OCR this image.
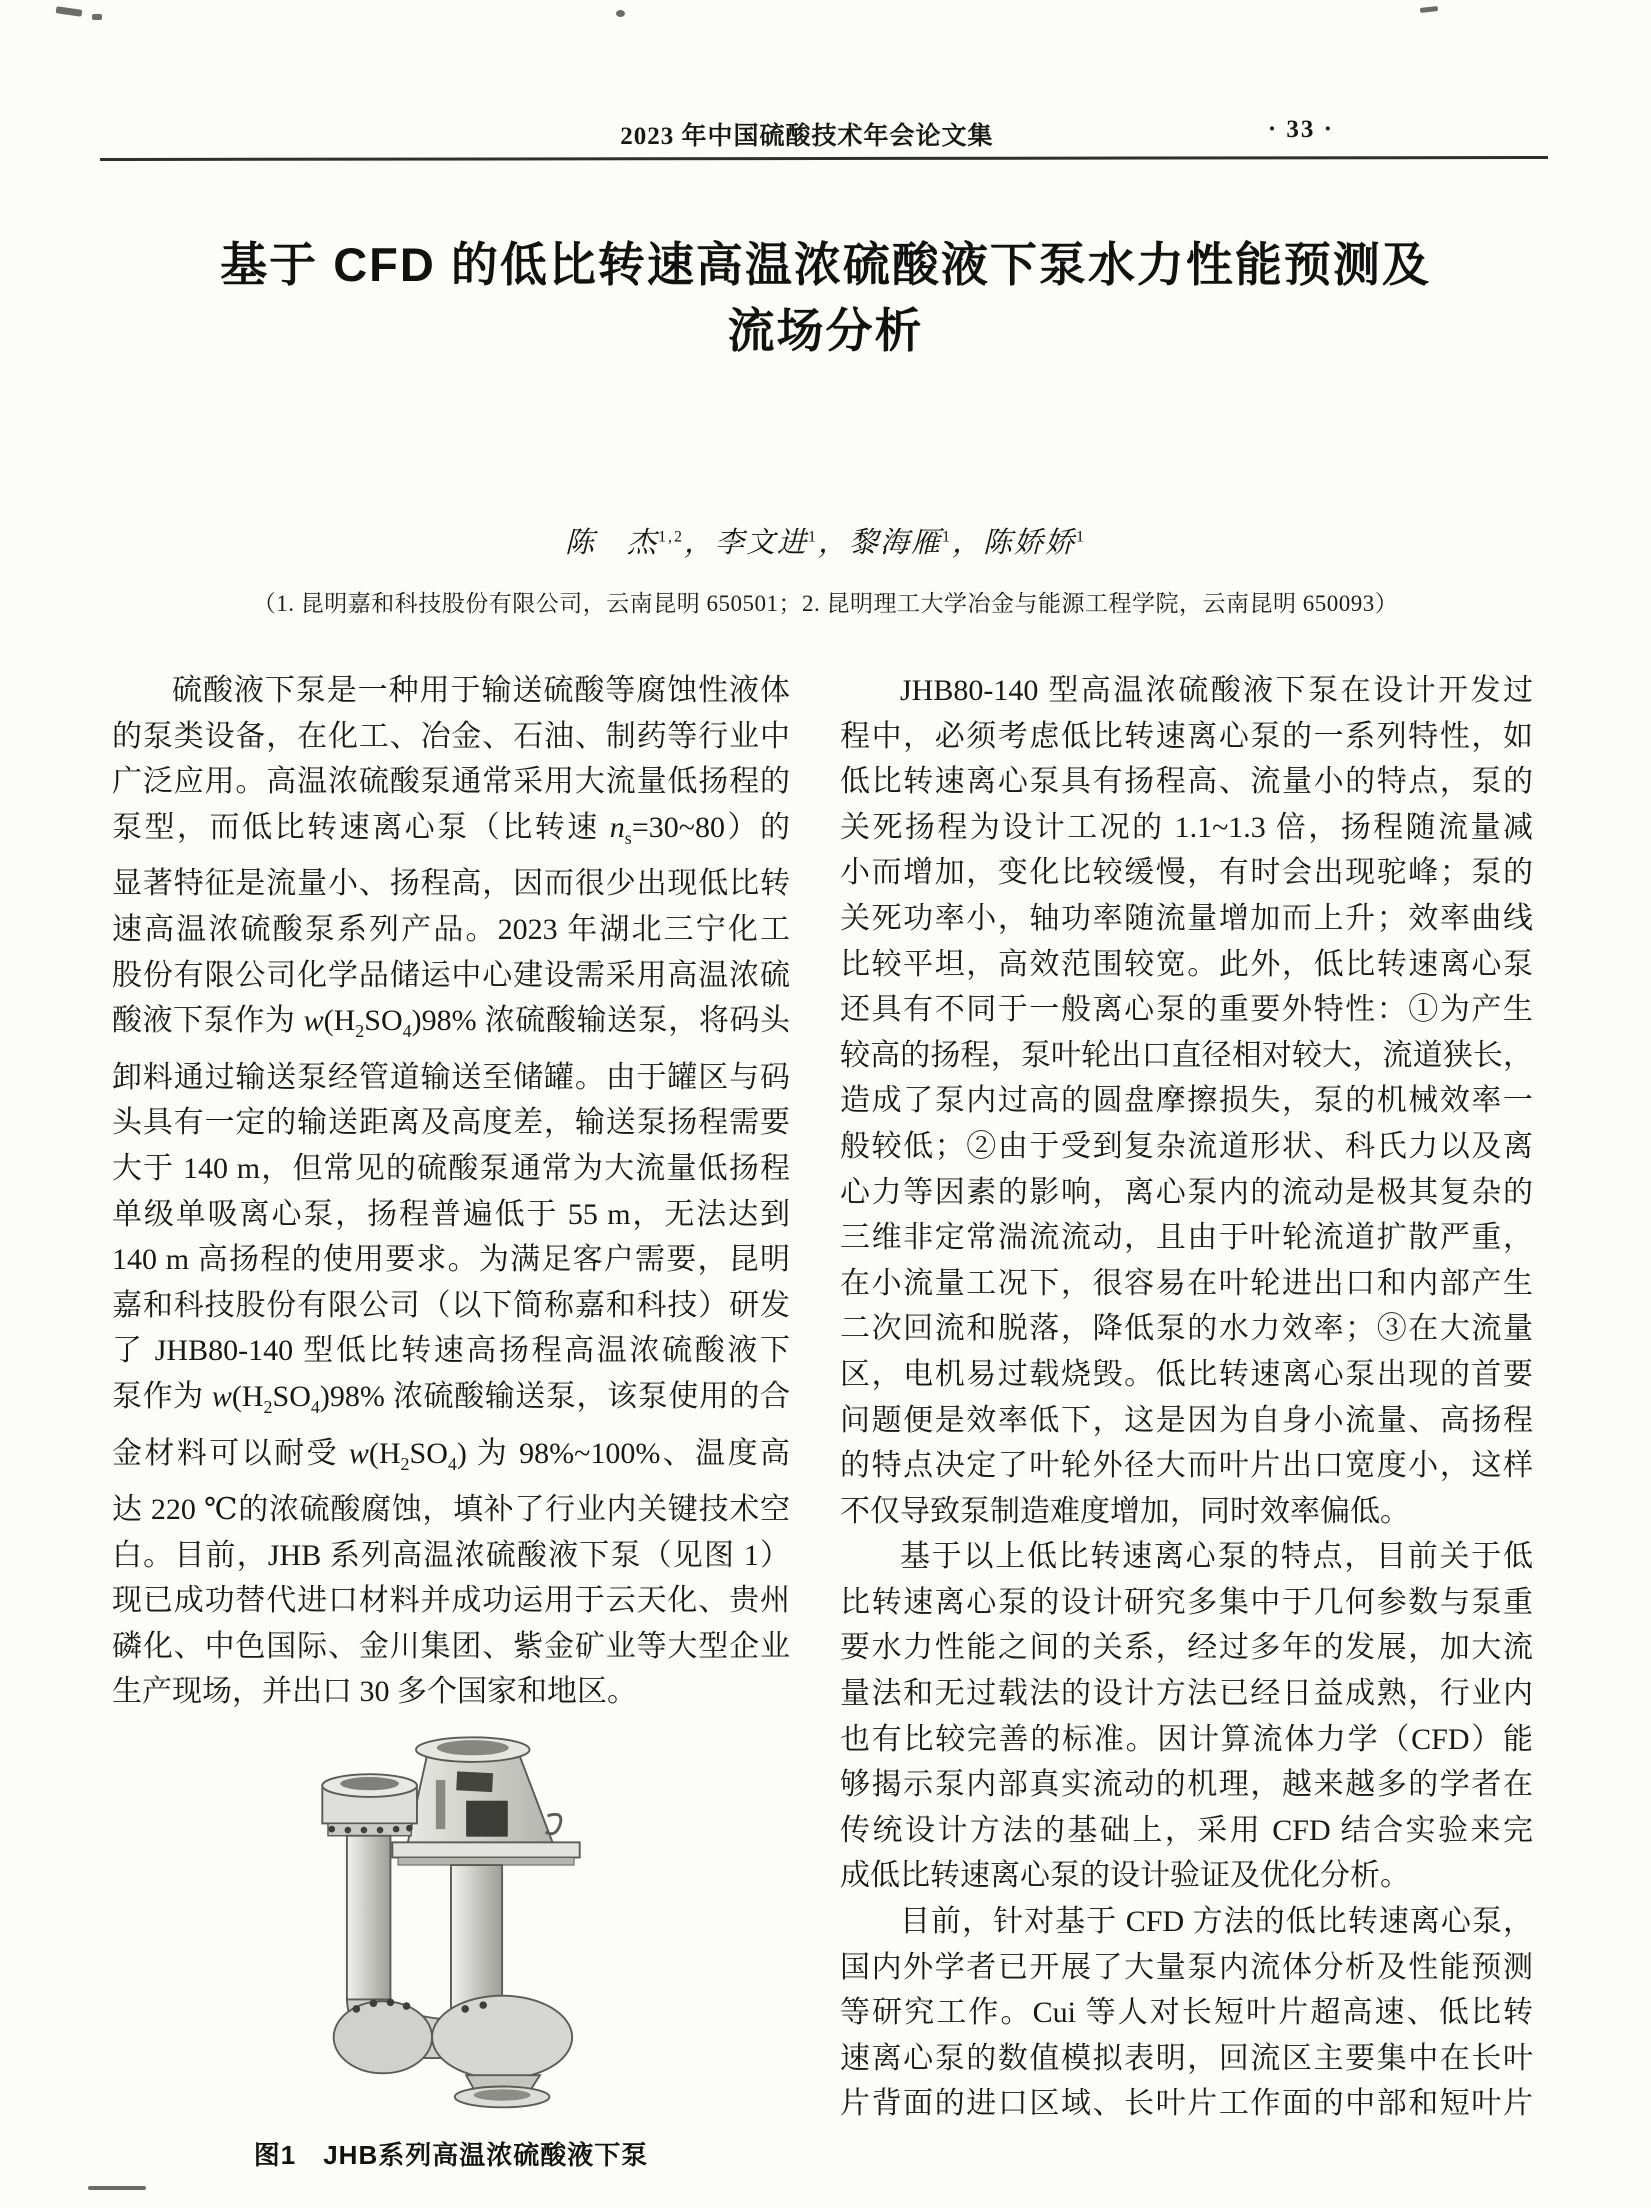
2023 年中国硫酸技术年会论文集	· 33 ·
基于 CFD 的低比转速高温浓硫酸液下泵水力性能预测及
流场分析
陈　杰$^{1,2}$，李文进$^1$，黎海雁$^1$，陈娇娇$^1$
（1. 昆明嘉和科技股份有限公司，云南昆明 650501；2. 昆明理工大学冶金与能源工程学院，云南昆明 650093）
硫酸液下泵是一种用于输送硫酸等腐蚀性液体
的泵类设备，在化工、冶金、石油、制药等行业中
广泛应用。高温浓硫酸泵通常采用大流量低扬程的
泵型，而低比转速离心泵（比转速 $n_s=30\sim 80$）的
显著特征是流量小、扬程高，因而很少出现低比转
速高温浓硫酸泵系列产品。2023 年湖北三宁化工
股份有限公司化学品储运中心建设需采用高温浓硫
酸液下泵作为 $w(H_2SO_4)98\%$ 浓硫酸输送泵，将码头
卸料通过输送泵经管道输送至储罐。由于罐区与码
头具有一定的输送距离及高度差，输送泵扬程需要
大于 140 m，但常见的硫酸泵通常为大流量低扬程
单级单吸离心泵，扬程普遍低于 55 m，无法达到
140 m 高扬程的使用要求。为满足客户需要，昆明
嘉和科技股份有限公司（以下简称嘉和科技）研发
了 JHB80-140 型低比转速高扬程高温浓硫酸液下
泵作为 $w(H_2SO_4)98\%$ 浓硫酸输送泵，该泵使用的合
金材料可以耐受 $w(H_2SO_4)$ 为 98%~100%、温度高
达 220 ℃的浓硫酸腐蚀，填补了行业内关键技术空
白。目前，JHB 系列高温浓硫酸液下泵（见图 1）
现已成功替代进口材料并成功运用于云天化、贵州
磷化、中色国际、金川集团、紫金矿业等大型企业
生产现场，并出口 30 多个国家和地区。
图1　JHB系列高温浓硫酸液下泵
JHB80-140 型高温浓硫酸液下泵在设计开发过
程中，必须考虑低比转速离心泵的一系列特性，如
低比转速离心泵具有扬程高、流量小的特点，泵的
关死扬程为设计工况的 1.1~1.3 倍，扬程随流量减
小而增加，变化比较缓慢，有时会出现驼峰；泵的
关死功率小，轴功率随流量增加而上升；效率曲线
比较平坦，高效范围较宽。此外，低比转速离心泵
还具有不同于一般离心泵的重要外特性：①为产生
较高的扬程，泵叶轮出口直径相对较大，流道狭长，
造成了泵内过高的圆盘摩擦损失，泵的机械效率一
般较低；②由于受到复杂流道形状、科氏力以及离
心力等因素的影响，离心泵内的流动是极其复杂的
三维非定常湍流流动，且由于叶轮流道扩散严重，
在小流量工况下，很容易在叶轮进出口和内部产生
二次回流和脱落，降低泵的水力效率；③在大流量
区，电机易过载烧毁。低比转速离心泵出现的首要
问题便是效率低下，这是因为自身小流量、高扬程
的特点决定了叶轮外径大而叶片出口宽度小，这样
不仅导致泵制造难度增加，同时效率偏低。
基于以上低比转速离心泵的特点，目前关于低
比转速离心泵的设计研究多集中于几何参数与泵重
要水力性能之间的关系，经过多年的发展，加大流
量法和无过载法的设计方法已经日益成熟，行业内
也有比较完善的标准。因计算流体力学（CFD）能
够揭示泵内部真实流动的机理，越来越多的学者在
传统设计方法的基础上，采用 CFD 结合实验来完
成低比转速离心泵的设计验证及优化分析。
目前，针对基于 CFD 方法的低比转速离心泵，
国内外学者已开展了大量泵内流体分析及性能预测
等研究工作。Cui 等人对长短叶片超高速、低比转
速离心泵的数值模拟表明，回流区主要集中在长叶
片背面的进口区域、长叶片工作面的中部和短叶片
